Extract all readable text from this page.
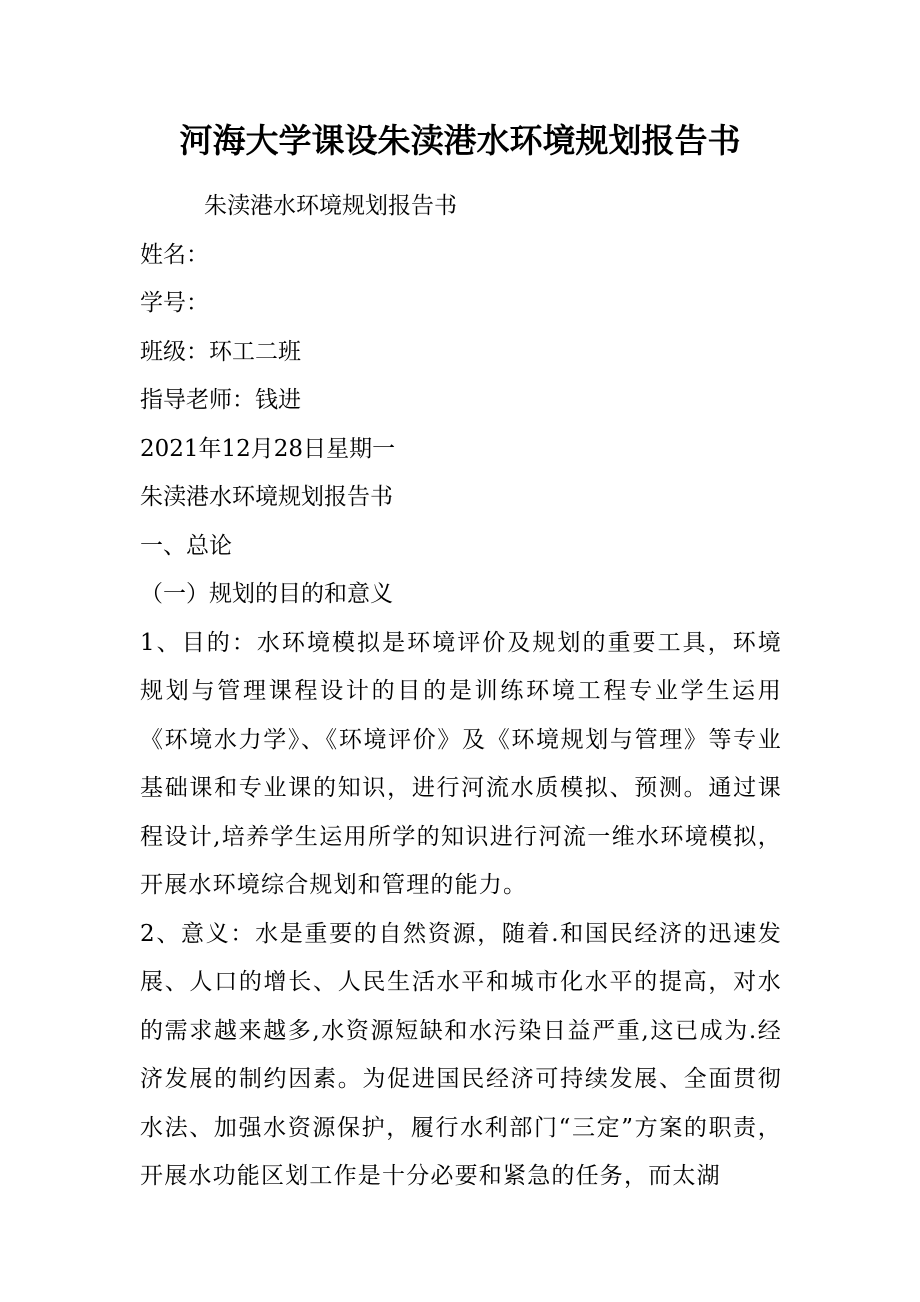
河海大学课设朱渎港水环境规划报告书
朱渎港水环境规划报告书
姓名：
学号：
班级：环工二班
指导老师：钱进
2021年12月28日星期一
朱渎港水环境规划报告书
一、总论
（一）规划的目的和意义
1、目的：水环境模拟是环境评价及规划的重要工具，环境规划与管理课程设计的目的是训练环境工程专业学生运用《环境水力学》、《环境评价》及《环境规划与管理》等专业基础课和专业课的知识，进行河流水质模拟、预测。通过课程设计,培养学生运用所学的知识进行河流一维水环境模拟，开展水环境综合规划和管理的能力。
2、意义：水是重要的自然资源，随着.和国民经济的迅速发展、人口的增长、人民生活水平和城市化水平的提高，对水的需求越来越多,水资源短缺和水污染日益严重,这已成为.经济发展的制约因素。为促进国民经济可持续发展、全面贯彻水法、加强水资源保护，履行水利部门“三定”方案的职责，开展水功能区划工作是十分必要和紧急的任务，而太湖
